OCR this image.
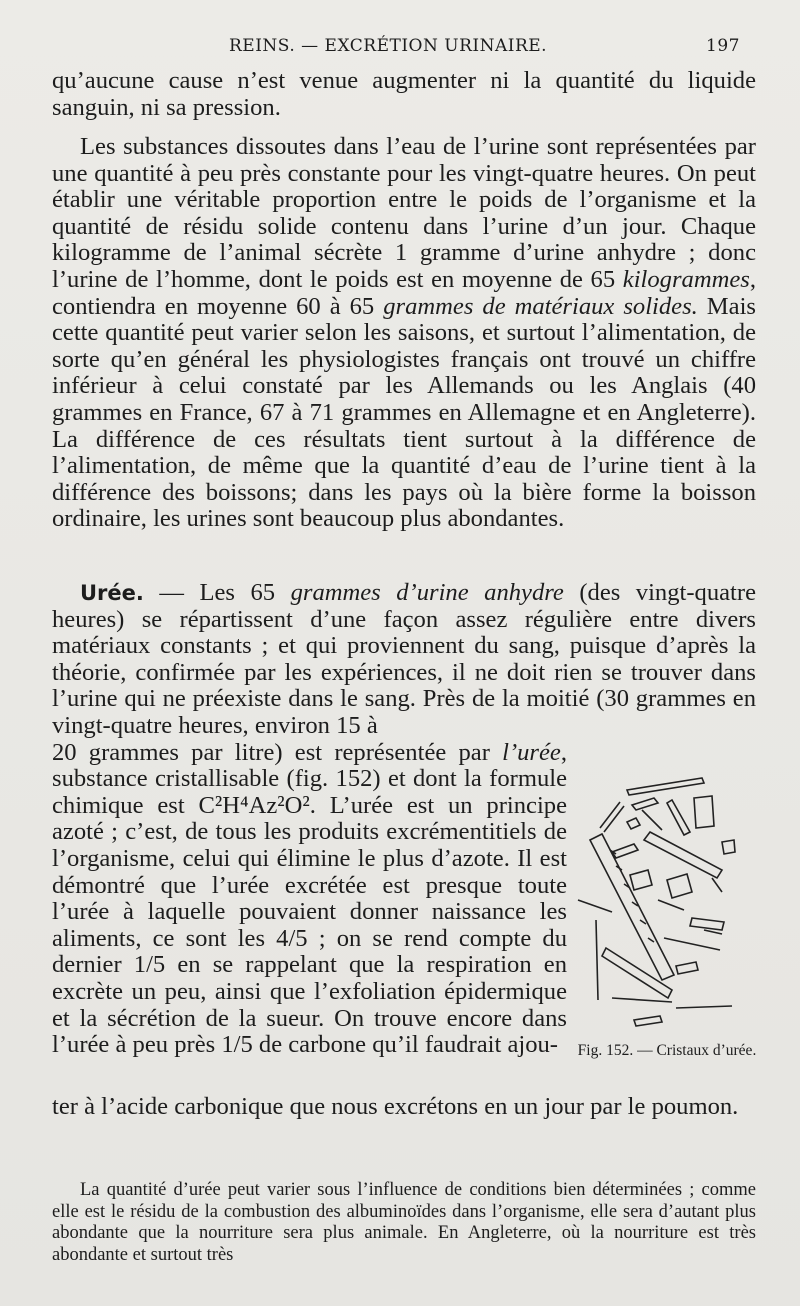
REINS. — EXCRÉTION URINAIRE.	197

qu’aucune cause n’est venue augmenter ni la quantité du liquide sanguin, ni sa pression.

Les substances dissoutes dans l’eau de l’urine sont représentées par une quantité à peu près constante pour les vingt-quatre heures. On peut établir une véritable proportion entre le poids de l’organisme et la quantité de résidu solide contenu dans l’urine d’un jour. Chaque kilogramme de l’animal sécrète 1 gramme d’urine anhydre ; donc l’urine de l’homme, dont le poids est en moyenne de 65 kilogrammes, contiendra en moyenne 60 à 65 grammes de matériaux solides. Mais cette quantité peut varier selon les saisons, et surtout l’alimentation, de sorte qu’en général les physiologistes français ont trouvé un chiffre inférieur à celui constaté par les Allemands ou les Anglais (40 grammes en France, 67 à 71 grammes en Allemagne et en Angleterre). La différence de ces résultats tient surtout à la différence de l’alimentation, de même que la quantité d’eau de l’urine tient à la différence des boissons; dans les pays où la bière forme la boisson ordinaire, les urines sont beaucoup plus abondantes.

Urée. — Les 65 grammes d’urine anhydre (des vingt-quatre heures) se répartissent d’une façon assez régulière entre divers matériaux constants ; et qui proviennent du sang, puisque d’après la théorie, confirmée par les expériences, il ne doit rien se trouver dans l’urine qui ne préexiste dans le sang. Près de la moitié (30 grammes en vingt-quatre heures, environ 15 à

20 grammes par litre) est représentée par l’urée, substance cristallisable (fig. 152) et dont la formule chimique est C²H⁴Az²O². L’urée est un principe azoté ; c’est, de tous les produits excrémentitiels de l’organisme, celui qui élimine le plus d’azote. Il est démontré que l’urée excrétée est presque toute l’urée à laquelle pouvaient donner naissance les aliments, ce sont les 4/5 ; on se rend compte du dernier 1/5 en se rappelant que la respiration en excrète un peu, ainsi que l’exfoliation épidermique et la sécrétion de la sueur. On trouve encore dans l’urée à peu près 1/5 de carbone qu’il faudrait ajou-

ter à l’acide carbonique que nous excrétons en un jour par le poumon.

La quantité d’urée peut varier sous l’influence de conditions bien déterminées ; comme elle est le résidu de la combustion des albuminoïdes dans l’organisme, elle sera d’autant plus abondante que la nourriture sera plus animale. En Angleterre, où la nourriture est très abondante et surtout très

Fig. 152. — Cristaux d’urée.
